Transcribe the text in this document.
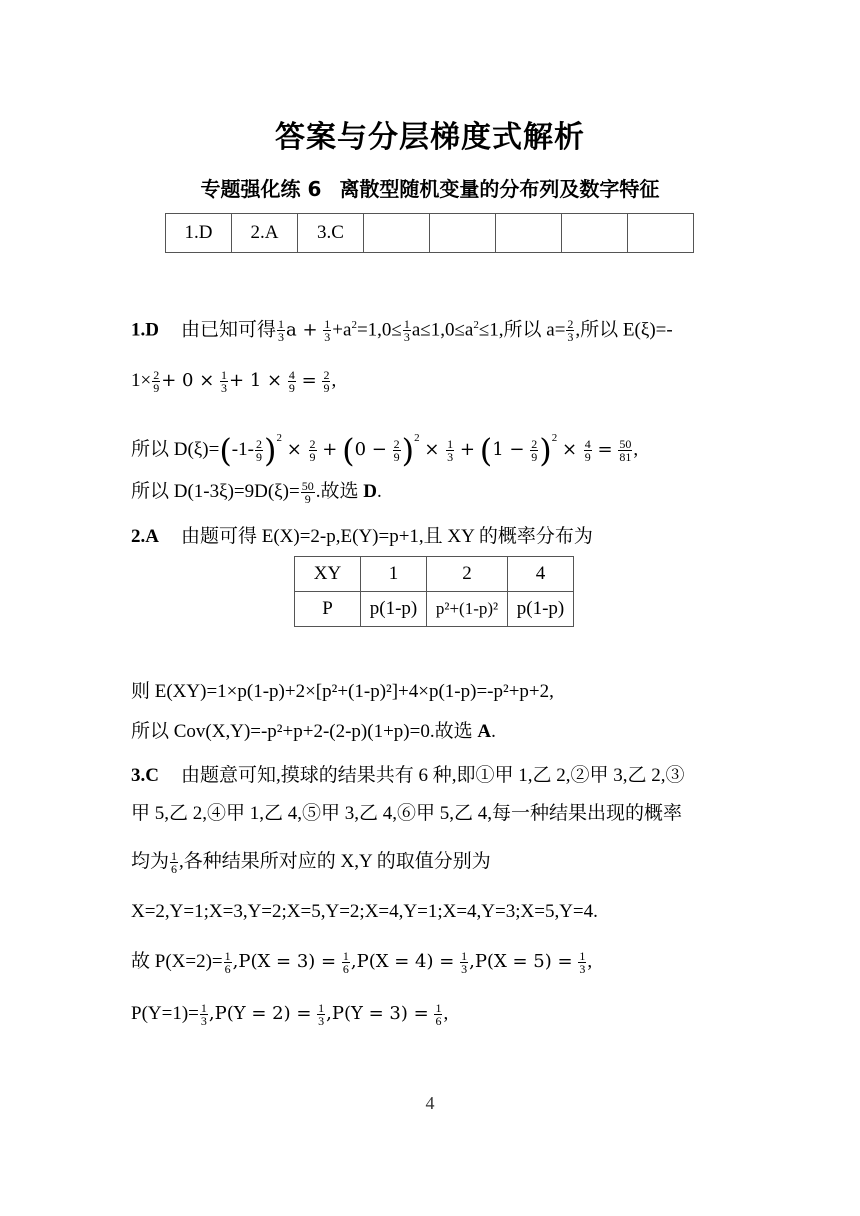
答案与分层梯度式解析
专题强化练 6 离散型随机变量的分布列及数字特征
1.D	2.A	3.C					
1.D 由已知可得 $\frac{1}{3}$ $a + \frac{1}{3} +a^2=1,0\le \frac{1}{3} a\le 1,0\le a^2\le 1$,所以 $a= \frac{2}{3}$ ,所以 E(ξ)=-
$1\times \frac{2}{9} + 0 \times \frac{1}{3} + 1 \times \frac{4}{9} = \frac{2}{9}$ ,
所以 $D(\xi)=(-1- \frac{2}{9} )^2 \times \frac{2}{9} + (0 - \frac{2}{9} )^2 \times \frac{1}{3} + (1 - \frac{2}{9} )^2 \times \frac{4}{9} = \frac{50}{81}$ ,
所以 $D(1-3\xi)=9D(\xi)= \frac{50}{9}$ .故选 D.
2.A 由题可得 E(X)=2-p,E(Y)=p+1,且 XY 的概率分布为
XY	1	2	4
P	p(1-p)	p²+(1-p)²	p(1-p)
则 E(XY)=1×p(1-p)+2×[p²+(1-p)²]+4×p(1-p)=-p²+p+2,
所以 Cov(X,Y)=-p²+p+2-(2-p)(1+p)=0.故选 A.
3.C 由题意可知,摸球的结果共有 6 种,即①甲 1,乙 2,②甲 3,乙 2,③
甲 5,乙 2,④甲 1,乙 4,⑤甲 3,乙 4,⑥甲 5,乙 4,每一种结果出现的概率
均为 $\frac{1}{6}$ ,各种结果所对应的 X,Y 的取值分别为
X=2,Y=1;X=3,Y=2;X=5,Y=2;X=4,Y=1;X=4,Y=3;X=5,Y=4.
故 $P(X=2)= \frac{1}{6} ,P(X = 3) = \frac{1}{6} ,P(X = 4) = \frac{1}{3} ,P(X = 5) = \frac{1}{3}$ ,
$P(Y=1)= \frac{1}{3} ,P(Y = 2) = \frac{1}{3} ,P(Y = 3) = \frac{1}{6}$ ,
4
